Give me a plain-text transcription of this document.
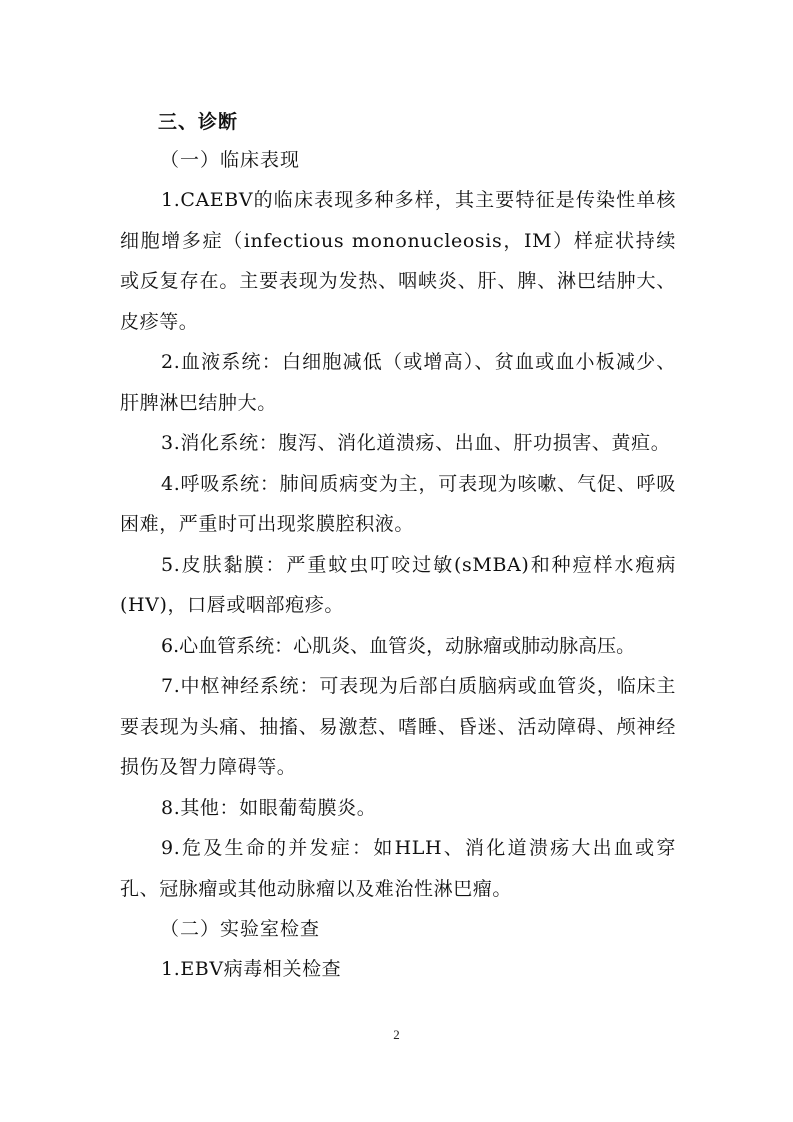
三、诊断

（一）临床表现

1.CAEBV的临床表现多种多样，其主要特征是传染性单核细胞增多症（infectious mononucleosis，IM）样症状持续或反复存在。主要表现为发热、咽峡炎、肝、脾、淋巴结肿大、皮疹等。

2.血液系统：白细胞减低（或增高）、贫血或血小板减少、肝脾淋巴结肿大。

3.消化系统：腹泻、消化道溃疡、出血、肝功损害、黄疸。

4.呼吸系统：肺间质病变为主，可表现为咳嗽、气促、呼吸困难，严重时可出现浆膜腔积液。

5.皮肤黏膜：严重蚊虫叮咬过敏(sMBA)和种痘样水疱病(HV)，口唇或咽部疱疹。

6.心血管系统：心肌炎、血管炎，动脉瘤或肺动脉高压。

7.中枢神经系统：可表现为后部白质脑病或血管炎，临床主要表现为头痛、抽搐、易激惹、嗜睡、昏迷、活动障碍、颅神经损伤及智力障碍等。

8.其他：如眼葡萄膜炎。

9.危及生命的并发症：如HLH、消化道溃疡大出血或穿孔、冠脉瘤或其他动脉瘤以及难治性淋巴瘤。

（二）实验室检查

1.EBV病毒相关检查

2
